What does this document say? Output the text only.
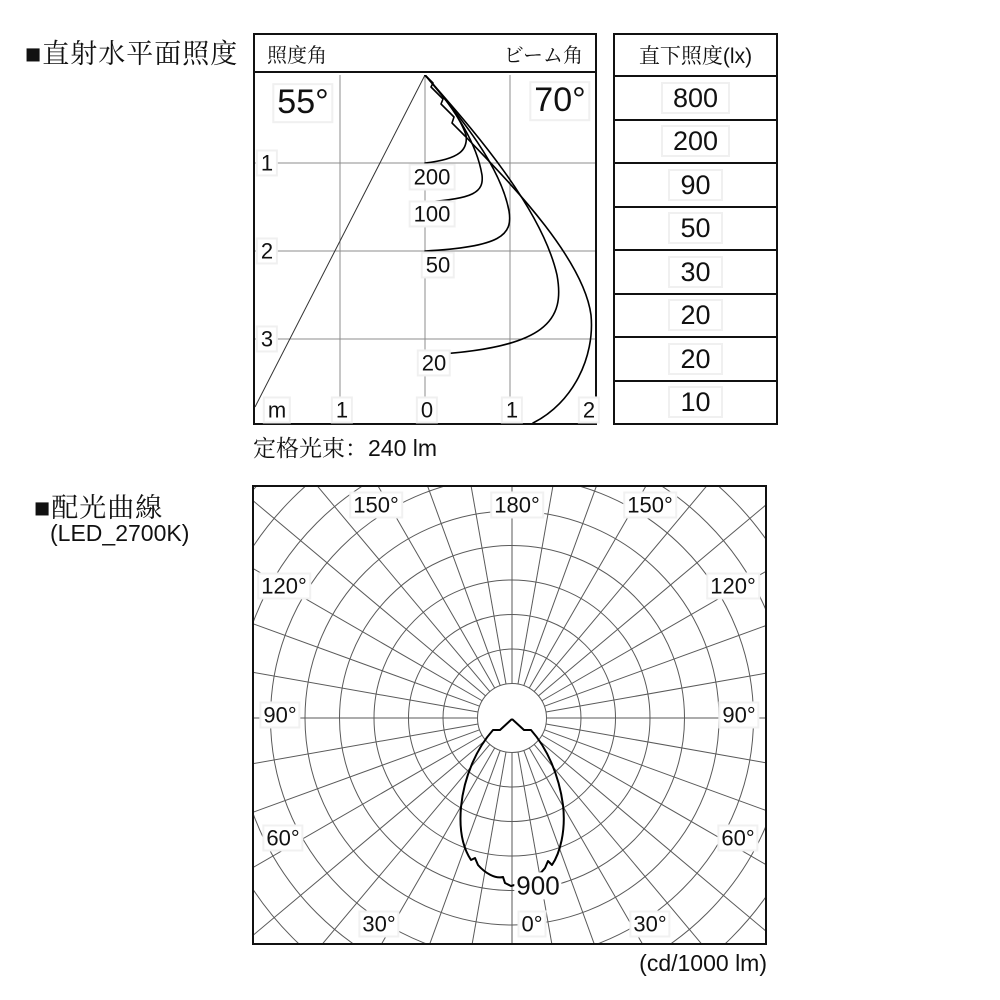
■直射水平面照度 照度角	ビーム角
55°	70°
200
100
50
20
m 1	0	1	2
1
2
3
直下照度(lx)
800
200
90
50
30
20
20
10
定格光束：240 lm
■配光曲線
(LED_2700K)
150°	180°	150°
120°	120°
90°	90°
60°	60°
30°	0°	30°
900
(cd/1000 lm)
